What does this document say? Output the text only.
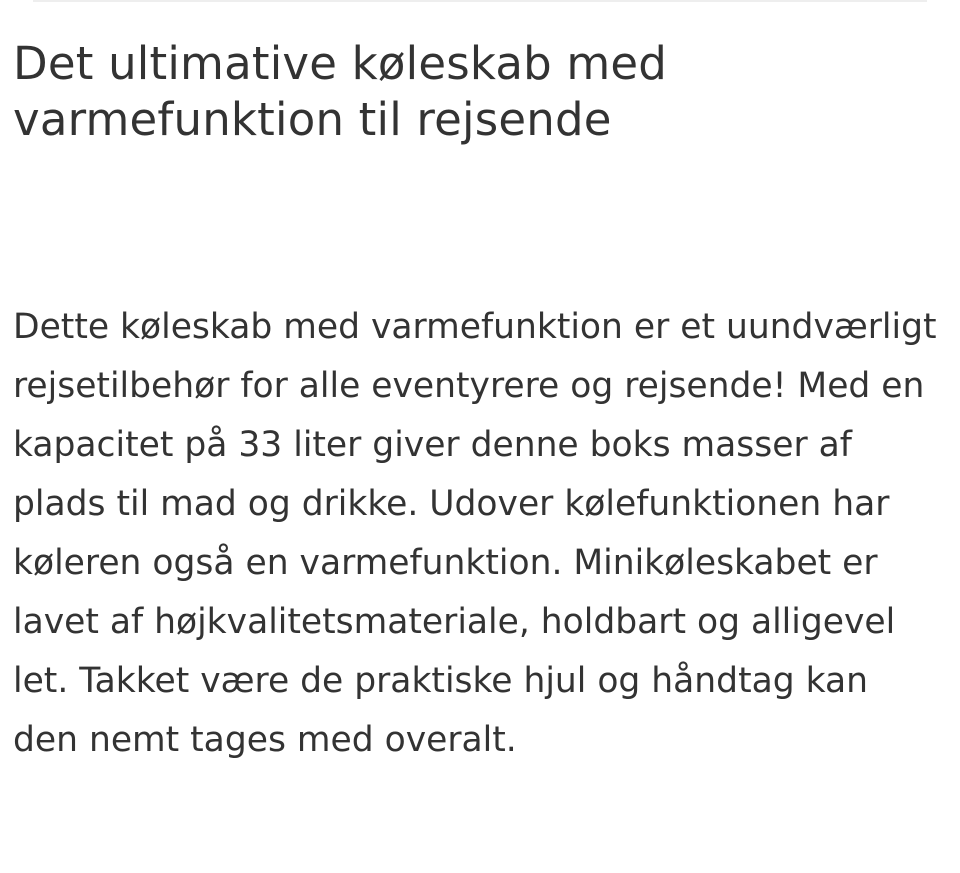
Det ultimative køleskab med varmefunktion til rejsende

Dette køleskab med varmefunktion er et uundværligt rejsetilbehør for alle eventyrere og rejsende! Med en kapacitet på 33 liter giver denne boks masser af plads til mad og drikke. Udover kølefunktionen har køleren også en varmefunktion. Minikøleskabet er lavet af højkvalitetsmateriale, holdbart og alligevel let. Takket være de praktiske hjul og håndtag kan den nemt tages med overalt.
